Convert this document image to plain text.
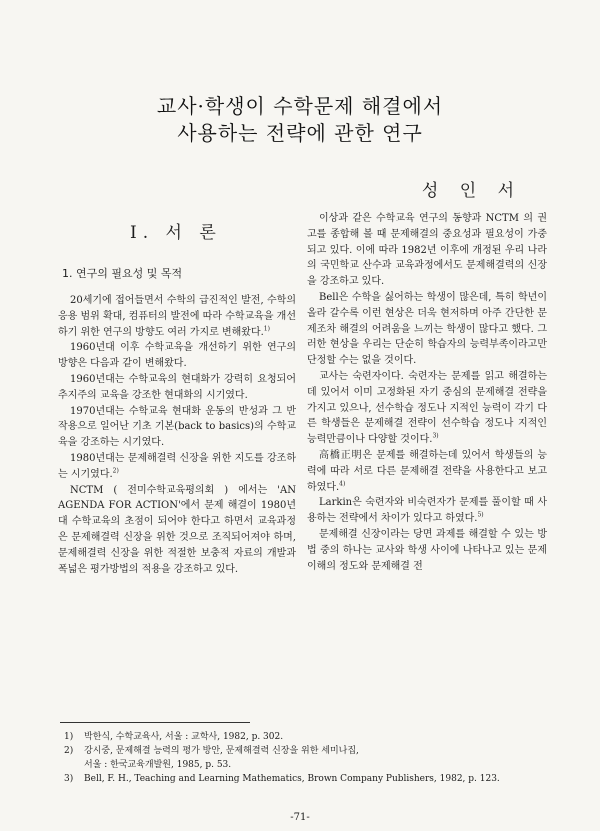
교사·학생이 수학문제 해결에서
사용하는 전략에 관한 연구
성 인 서
I. 서 론
1. 연구의 필요성 및 목적

20세기에 접어들면서 수학의 급진적인 발전, 수학의 응용 범위 확대, 컴퓨터의 발전에 따라 수학교육을 개선하기 위한 연구의 방향도 여러 가지로 변해왔다.$^{1)}$

1960년대 이후 수학교육을 개선하기 위한 연구의 방향은 다음과 같이 변해왔다.

1960년대는 수학교육의 현대화가 강력히 요청되어 추지주의 교육을 강조한 현대화의 시기였다.

1970년대는 수학교육 현대화 운동의 반성과 그 반작용으로 일어난 기초 기본(back to basics)의 수학교육을 강조하는 시기였다.

1980년대는 문제해결력 신장을 위한 지도를 강조하는 시기였다.$^{2)}$

NCTM ( 전미수학교육평의회 ) 에서는 'AN AGENDA FOR ACTION'에서 문제 해결이 1980년대 수학교육의 초점이 되어야 한다고 하면서 교육과정은 문제해결력 신장을 위한 것으로 조직되어져야 하며, 문제해결력 신장을 위한 적절한 보충적 자료의 개발과 폭넓은 평가방법의 적용을 강조하고 있다.

이상과 같은 수학교육 연구의 동향과 NCTM 의 권고를 종합해 볼 때 문제해결의 중요성과 필요성이 가중되고 있다. 이에 따라 1982년 이후에 개정된 우리 나라의 국민학교 산수과 교육과정에서도 문제해결력의 신장을 강조하고 있다.

Bell은 수학을 싫어하는 학생이 많은데, 특히 학년이 올라 갈수록 이런 현상은 더욱 현저하며 아주 간단한 문제조차 해결의 어려움을 느끼는 학생이 많다고 했다. 그러한 현상을 우리는 단순히 학습자의 능력부족이라고만 단정할 수는 없을 것이다.

교사는 숙련자이다. 숙련자는 문제를 읽고 해결하는데 있어서 이미 고정화된 자기 중심의 문제해결 전략을 가지고 있으나, 선수학습 정도나 지적인 능력이 각기 다른 학생들은 문제해결 전략이 선수학습 정도나 지적인 능력만큼이나 다양할 것이다.$^{3)}$

高橋正明은 문제를 해결하는데 있어서 학생들의 능력에 따라 서로 다른 문제해결 전략을 사용한다고 보고하였다.$^{4)}$

Larkin은 숙련자와 비숙련자가 문제를 풀이할 때 사용하는 전략에서 차이가 있다고 하였다.$^{5)}$

문제해결 신장이라는 당면 과제를 해결할 수 있는 방법 중의 하나는 교사와 학생 사이에 나타나고 있는 문제이해의 정도와 문제해결 전

1) 박한식, 수학교육사, 서울 : 교학사, 1982, p. 302.
2) 강시중, 문제해결 능력의 평가 방안, 문제해결력 신장을 위한 세미나집,
서울 : 한국교육개발원, 1985, p. 53.
-71-
3) Bell, F. H., Teaching and Learning Mathematics, Brown Company Publishers, 1982, p. 123.
